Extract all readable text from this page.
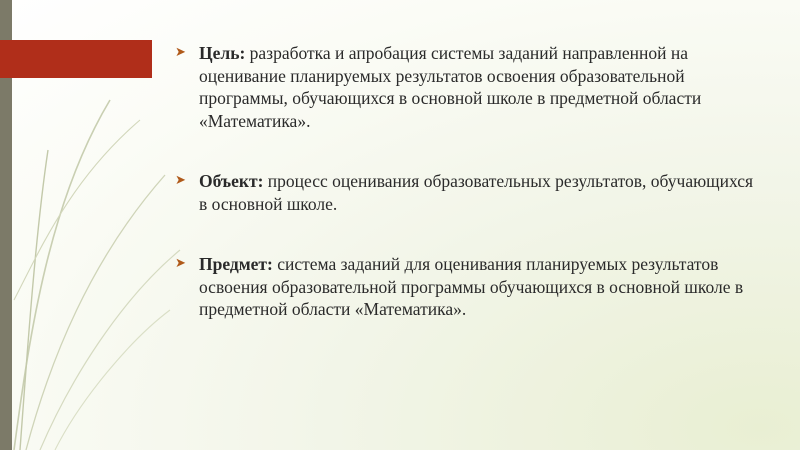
➤ Цель: разработка и апробация системы заданий направленной на оценивание планируемых результатов освоения образовательной программы, обучающихся в основной школе в предметной области «Математика».
➤ Объект: процесс оценивания образовательных результатов, обучающихся в основной школе.
➤ Предмет: система заданий для оценивания планируемых результатов освоения образовательной программы обучающихся в основной школе в предметной области «Математика».
